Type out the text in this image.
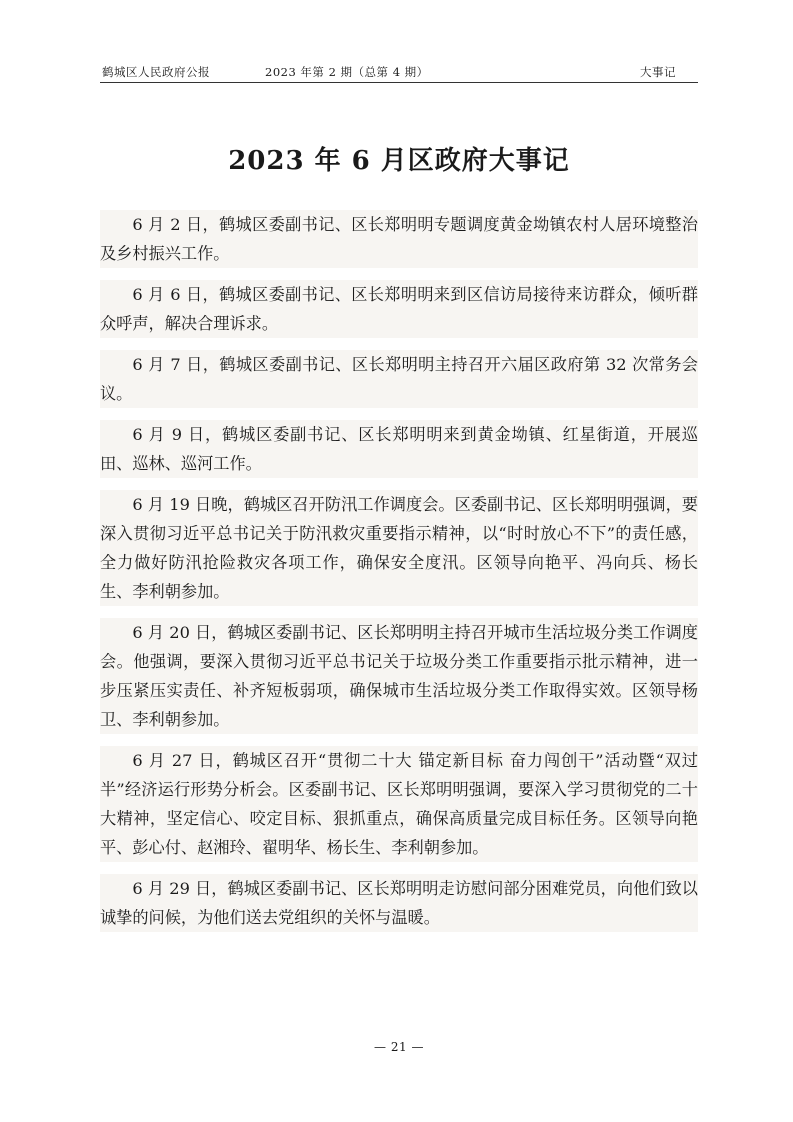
鹤城区人民政府公报	2023 年第 2 期（总第 4 期）	大事记
2023 年 6 月区政府大事记

6 月 2 日，鹤城区委副书记、区长郑明明专题调度黄金坳镇农村人居环境整治及乡村振兴工作。

6 月 6 日，鹤城区委副书记、区长郑明明来到区信访局接待来访群众，倾听群众呼声，解决合理诉求。

6 月 7 日，鹤城区委副书记、区长郑明明主持召开六届区政府第 32 次常务会议。

6 月 9 日，鹤城区委副书记、区长郑明明来到黄金坳镇、红星街道，开展巡田、巡林、巡河工作。

6 月 19 日晚，鹤城区召开防汛工作调度会。区委副书记、区长郑明明强调，要深入贯彻习近平总书记关于防汛救灾重要指示精神，以“时时放心不下”的责任感，全力做好防汛抢险救灾各项工作，确保安全度汛。区领导向艳平、冯向兵、杨长生、李利朝参加。

6 月 20 日，鹤城区委副书记、区长郑明明主持召开城市生活垃圾分类工作调度会。他强调，要深入贯彻习近平总书记关于垃圾分类工作重要指示批示精神，进一步压紧压实责任、补齐短板弱项，确保城市生活垃圾分类工作取得实效。区领导杨卫、李利朝参加。

6 月 27 日，鹤城区召开“贯彻二十大 锚定新目标 奋力闯创干”活动暨“双过半”经济运行形势分析会。区委副书记、区长郑明明强调，要深入学习贯彻党的二十大精神，坚定信心、咬定目标、狠抓重点，确保高质量完成目标任务。区领导向艳平、彭心付、赵湘玲、翟明华、杨长生、李利朝参加。

6 月 29 日，鹤城区委副书记、区长郑明明走访慰问部分困难党员，向他们致以诚挚的问候，为他们送去党组织的关怀与温暖。

— 21 —
